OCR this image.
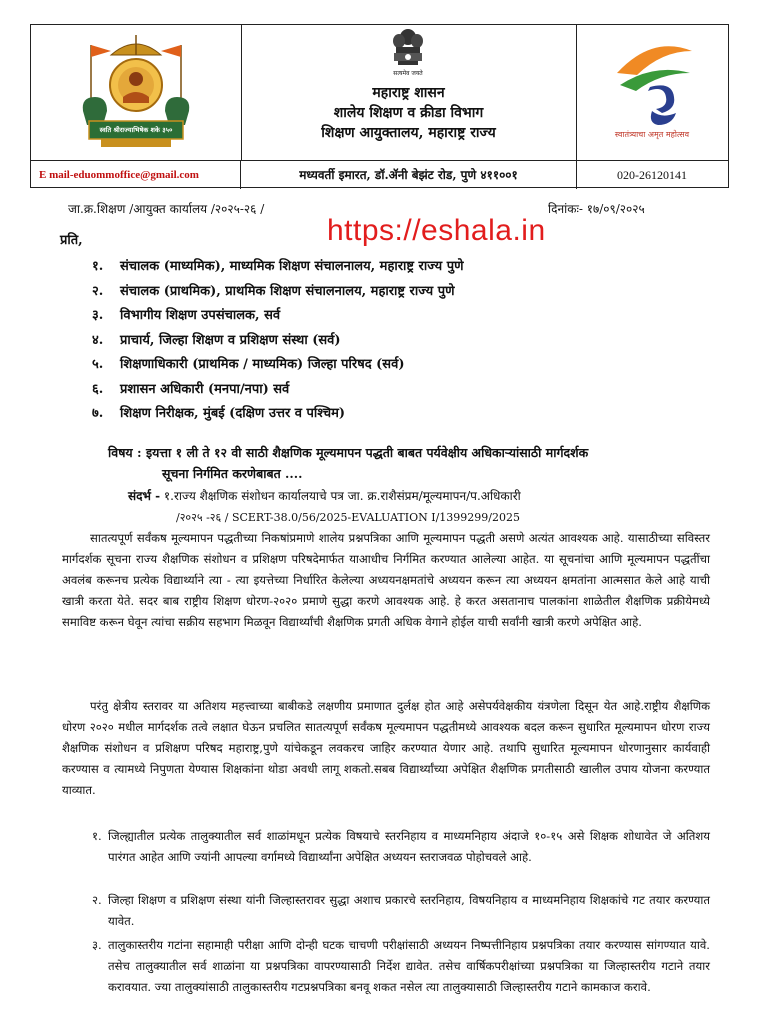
स्वति श्रीराज्याभिषेक शके ३५०
सत्यमेव जयते
महाराष्ट्र शासन
शालेय शिक्षण व क्रीडा विभाग
शिक्षण आयुक्तालय, महाराष्ट्र राज्य	स्वातंत्र्याचा अमृत महोत्सव
E mail-eduommoffice@gmail.com	मध्यवर्ती इमारत, डॉ.ॲनी बेझंट रोड, पुणे ४११००१	020-26120141
जा.क्र.शिक्षण /आयुक्त कार्यालय /२०२५-२६ /	दिनांकः- १७/०९/२०२५
https://eshala.in
प्रति,
१. संचालक (माध्यमिक), माध्यमिक शिक्षण संचालनालय, महाराष्ट्र राज्य पुणे
२. संचालक (प्राथमिक), प्राथमिक शिक्षण संचालनालय, महाराष्ट्र राज्य पुणे
३. विभागीय शिक्षण उपसंचालक, सर्व
४. प्राचार्य, जिल्हा शिक्षण व प्रशिक्षण संस्था (सर्व)
५. शिक्षणाधिकारी (प्राथमिक / माध्यमिक) जिल्हा परिषद (सर्व)
६. प्रशासन अधिकारी (मनपा/नपा) सर्व
७. शिक्षण निरीक्षक, मुंबई (दक्षिण उत्तर व पश्चिम)
विषय : इयत्ता १ ली ते १२ वी साठी शैक्षणिक मूल्यमापन पद्धती बाबत पर्यवेक्षीय अधिकाऱ्यांसाठी मार्गदर्शक
सूचना निर्गमित करणेबाबत ....
संदर्भ - १.राज्य शैक्षणिक संशोधन कार्यालयाचे पत्र जा. क्र.राशैसंप्रम/मूल्यमापन/प.अधिकारी
/२०२५ -२६ / SCERT-38.0/56/2025-EVALUATION I/1399299/2025
सातत्यपूर्ण सर्वंकष मूल्यमापन पद्धतीच्या निकषांप्रमाणे शालेय प्रश्नपत्रिका आणि मूल्यमापन पद्धती असणे अत्यंत आवश्यक आहे. यासाठीच्या सविस्तर मार्गदर्शक सूचना राज्य शैक्षणिक संशोधन व प्रशिक्षण परिषदेमार्फत याआधीच निर्गमित करण्यात आलेल्या आहेत. या सूचनांचा आणि मूल्यमापन पद्धतींचा अवलंब करूनच प्रत्येक विद्यार्थ्याने त्या - त्या इयत्तेच्या निर्धारित केलेल्या अध्ययनक्षमतांचे अध्ययन करून त्या अध्ययन क्षमतांना आत्मसात केले आहे याची खात्री करता येते. सदर बाब राष्ट्रीय शिक्षण धोरण-२०२० प्रमाणे सुद्धा करणे आवश्यक आहे. हे करत असतानाच पालकांना शाळेतील शैक्षणिक प्रक्रीयेमध्ये समाविष्ट करून घेवून त्यांचा सक्रीय सहभाग मिळवून विद्यार्थ्यांची शैक्षणिक प्रगती अधिक वेगाने होईल याची सर्वांनी खात्री करणे अपेक्षित आहे.
परंतु क्षेत्रीय स्तरावर या अतिशय महत्त्वाच्या बाबीकडे लक्षणीय प्रमाणात दुर्लक्ष होत आहे असेपर्यवेक्षकीय यंत्रणेला दिसून येत आहे.राष्ट्रीय शैक्षणिक धोरण २०२० मधील मार्गदर्शक तत्वे लक्षात घेऊन प्रचलित सातत्यपूर्ण सर्वंकष मूल्यमापन पद्धतीमध्ये आवश्यक बदल करून सुधारित मूल्यमापन धोरण राज्य शैक्षणिक संशोधन व प्रशिक्षण परिषद महाराष्ट्र,पुणे यांचेकडून लवकरच जाहिर करण्यात येणार आहे. तथापि सुधारित मूल्यमापन धोरणानुसार कार्यवाही करण्यास व त्यामध्ये निपुणता येण्यास शिक्षकांना थोडा अवधी लागू शकतो.सबब विद्यार्थ्यांच्या अपेक्षित शैक्षणिक प्रगतीसाठी खालील उपाय योजना करण्यात याव्यात.
१. जिल्ह्यातील प्रत्येक तालुक्यातील सर्व शाळांमधून प्रत्येक विषयाचे स्तरनिहाय व माध्यमनिहाय अंदाजे १०-१५ असे शिक्षक शोधावेत जे अतिशय पारंगत आहेत आणि ज्यांनी आपल्या वर्गामध्ये विद्यार्थ्यांना अपेक्षित अध्ययन स्तराजवळ पोहोचवले आहे.
२. जिल्हा शिक्षण व प्रशिक्षण संस्था यांनी जिल्हास्तरावर सुद्धा अशाच प्रकारचे स्तरनिहाय, विषयनिहाय व माध्यमनिहाय शिक्षकांचे गट तयार करण्यात यावेत.
३. तालुकास्तरीय गटांना सहामाही परीक्षा आणि दोन्ही घटक चाचणी परीक्षांसाठी अध्ययन निष्पत्तीनिहाय प्रश्नपत्रिका तयार करण्यास सांगण्यात यावे. तसेच तालुक्यातील सर्व शाळांना या प्रश्नपत्रिका वापरण्यासाठी निर्देश द्यावेत. तसेच वार्षिकपरीक्षांच्या प्रश्नपत्रिका या जिल्हास्तरीय गटाने तयार करावयात. ज्या तालुक्यांसाठी तालुकास्तरीय गटप्रश्नपत्रिका बनवू शकत नसेल त्या तालुक्यासाठी जिल्हास्तरीय गटाने कामकाज करावे.
